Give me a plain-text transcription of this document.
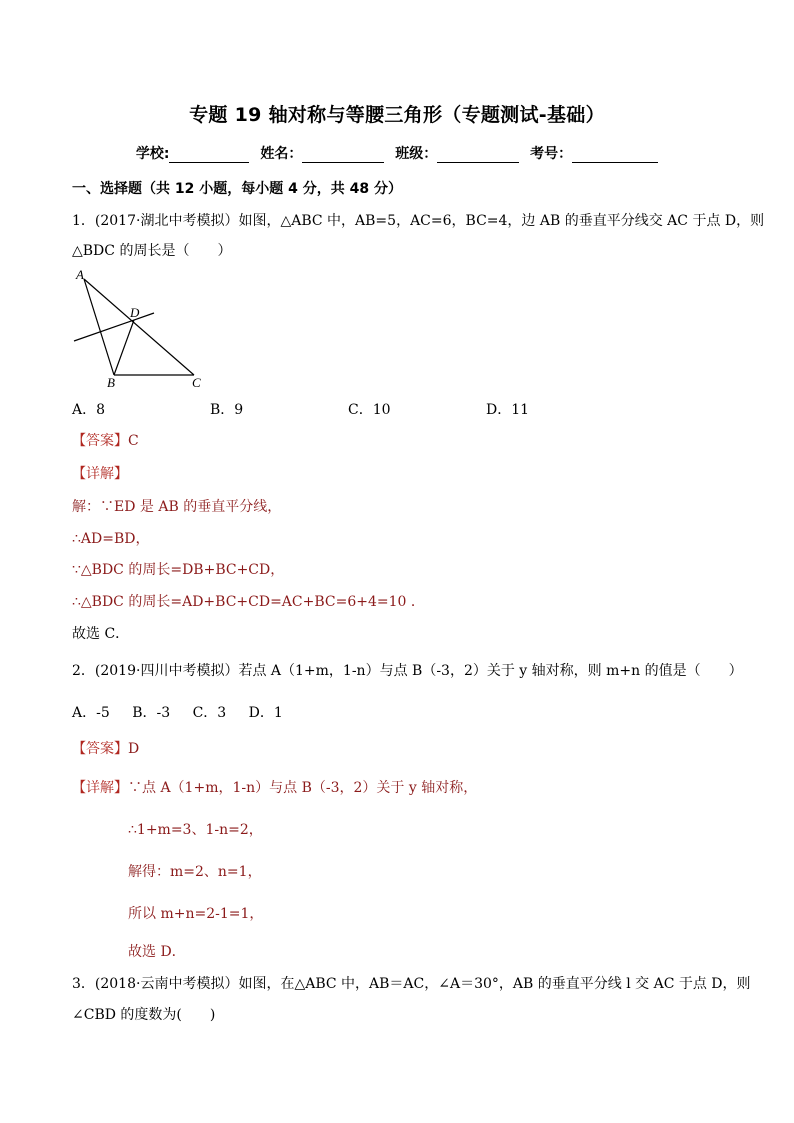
专题 19 轴对称与等腰三角形（专题测试-基础）
学校:	姓名：	班级：	考号：
一、选择题（共 12 小题，每小题 4 分，共 48 分）
1．(2017·湖北中考模拟）如图，△ABC 中，AB=5，AC=6，BC=4，边 AB 的垂直平分线交 AC 于点 D，则
△BDC 的周长是（　　）
A
D
B	C
A．8	B．9	C．10	D．11
【答案】C
【详解】
解：∵ED 是 AB 的垂直平分线，
∴AD=BD，
∵△BDC 的周长=DB+BC+CD，
∴△BDC 的周长=AD+BC+CD=AC+BC=6+4=10 ．
故选 C．
2．(2019·四川中考模拟）若点 A（1+m，1-n）与点 B（-3，2）关于 y 轴对称，则 m+n 的值是（　　）
A．-5 B．-3 C．3 D．1
【答案】D
【详解】∵点 A（1+m，1-n）与点 B（-3，2）关于 y 轴对称，
∴1+m=3、1-n=2，
解得：m=2、n=1，
所以 m+n=2-1=1，
故选 D．
3．(2018·云南中考模拟）如图，在△ABC 中，AB＝AC，∠A＝30°，AB 的垂直平分线 l 交 AC 于点 D，则
∠CBD 的度数为(　　)
